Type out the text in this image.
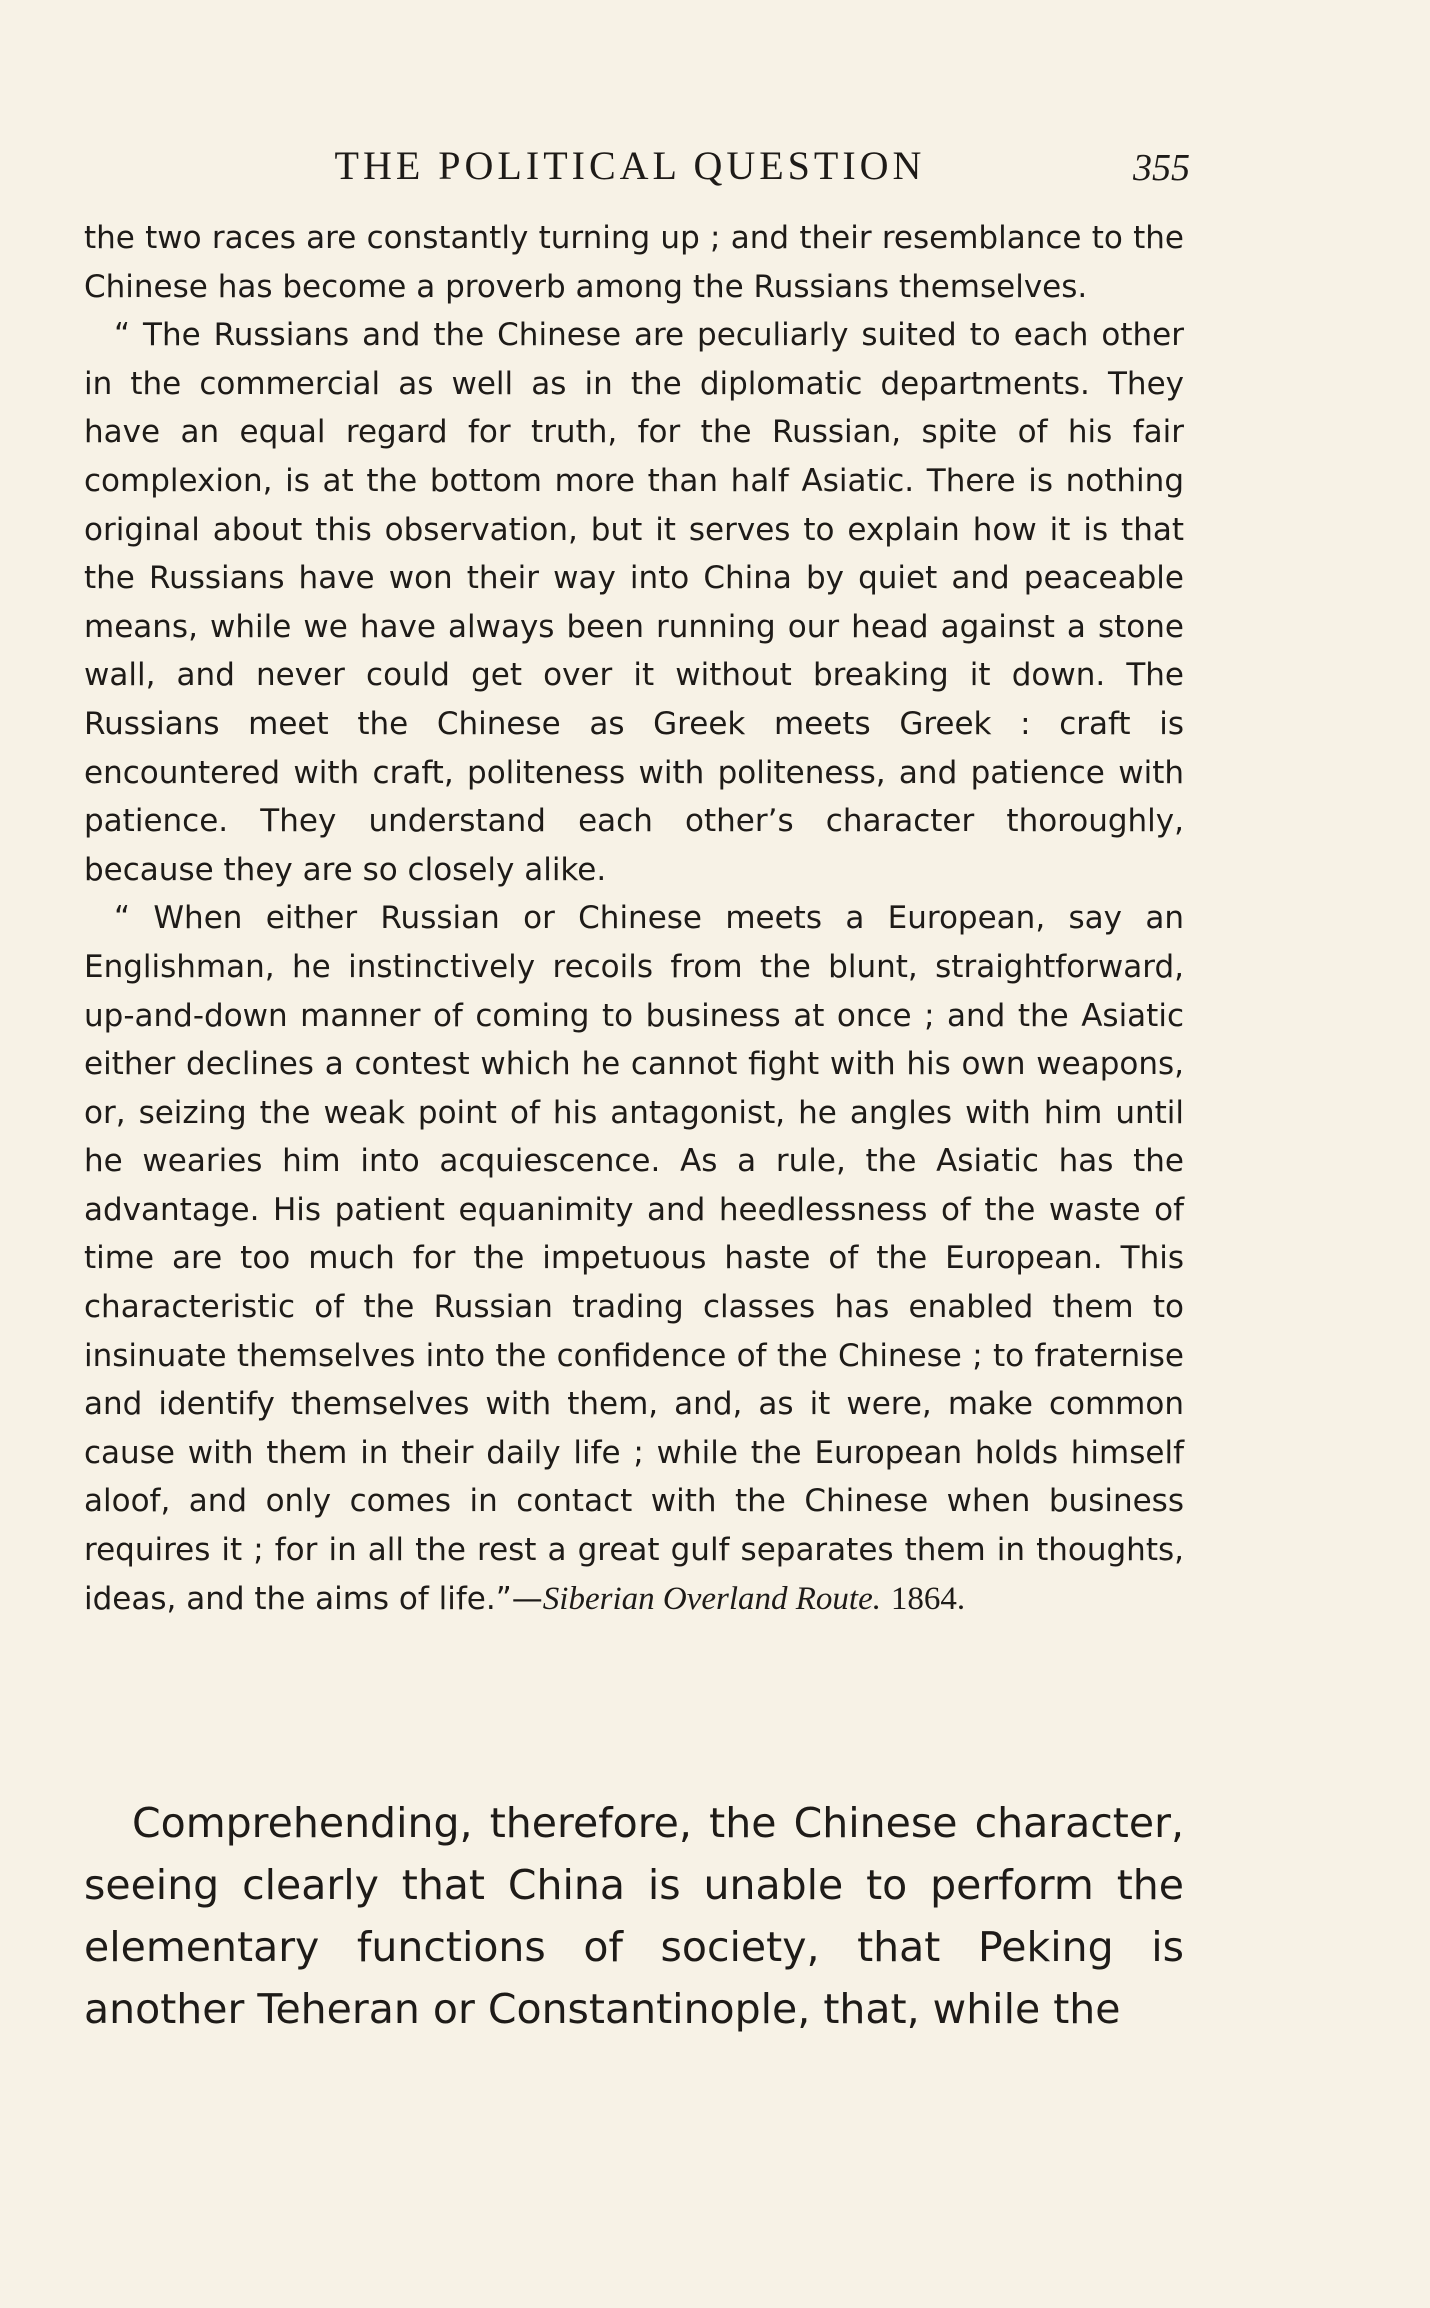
THE POLITICAL QUESTION	355

the two races are constantly turning up ; and their resemblance to the Chinese has become a proverb among the Russians themselves.

“ The Russians and the Chinese are peculiarly suited to each other in the commercial as well as in the diplomatic departments. They have an equal regard for truth, for the Russian, spite of his fair complexion, is at the bottom more than half Asiatic. There is nothing original about this observation, but it serves to explain how it is that the Russians have won their way into China by quiet and peaceable means, while we have always been running our head against a stone wall, and never could get over it without breaking it down. The Russians meet the Chinese as Greek meets Greek : craft is encountered with craft, politeness with politeness, and patience with patience. They understand each other’s character thoroughly, because they are so closely alike.

“ When either Russian or Chinese meets a European, say an Englishman, he instinctively recoils from the blunt, straightforward, up-and-down manner of coming to business at once ; and the Asiatic either declines a contest which he cannot fight with his own weapons, or, seizing the weak point of his antagonist, he angles with him until he wearies him into acquiescence. As a rule, the Asiatic has the advantage. His patient equanimity and heedlessness of the waste of time are too much for the impetuous haste of the European. This characteristic of the Russian trading classes has enabled them to insinuate themselves into the confidence of the Chinese ; to fraternise and identify themselves with them, and, as it were, make common cause with them in their daily life ; while the European holds himself aloof, and only comes in contact with the Chinese when business requires it ; for in all the rest a great gulf separates them in thoughts, ideas, and the aims of life.”—Siberian Overland Route. 1864.

Comprehending, therefore, the Chinese character, seeing clearly that China is unable to perform the elementary functions of society, that Peking is another Teheran or Constantinople, that, while the
